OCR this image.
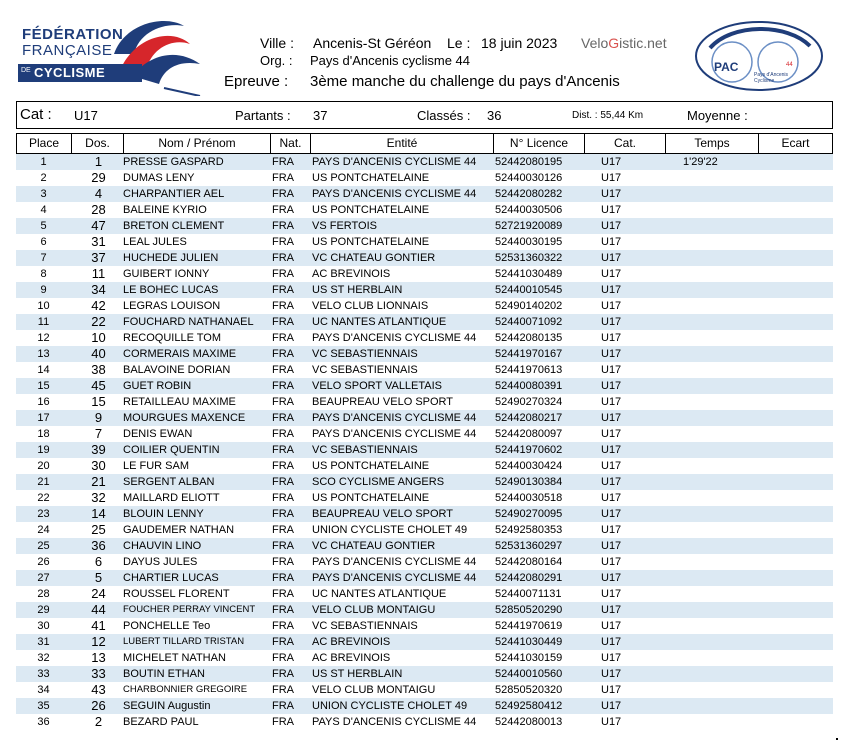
FÉDÉRATION
FRANÇAISE
DE CYCLISME
Ville : Ancenis-St Géréon Le : 18 juin 2023 VeloGistic.net
Org. : Pays d'Ancenis cyclisme 44
Epreuve : 3ème manche du challenge du pays d'Ancenis
PAC	44
Pays d'Ancenis Cyclisme
Cat : U17	Partants : 37	Classés : 36	Dist. : 55,44 Km	Moyenne :
Place	Dos.	Nom / Prénom	Nat.	Entité	N° Licence	Cat.	Temps	Ecart
1	1	PRESSE GASPARD	FRA PAYS D'ANCENIS CYCLISME 44	52442080195	U17	1'29'22
2	29	DUMAS LENY	FRA US PONTCHATELAINE	52440030126	U17
3	4	CHARPANTIER AEL	FRA PAYS D'ANCENIS CYCLISME 44	52442080282	U17
4	28	BALEINE KYRIO	FRA US PONTCHATELAINE	52440030506	U17
5	47	BRETON CLEMENT	FRA VS FERTOIS	52721920089	U17
6	31	LEAL JULES	FRA US PONTCHATELAINE	52440030195	U17
7	37	HUCHEDE JULIEN	FRA VC CHATEAU GONTIER	52531360322	U17
8	11	GUIBERT IONNY	FRA AC BREVINOIS	52441030489	U17
9	34	LE BOHEC LUCAS	FRA US ST HERBLAIN	52440010545	U17
10	42	LEGRAS LOUISON	FRA VELO CLUB LIONNAIS	52490140202	U17
11	22	FOUCHARD NATHANAEL	FRA UC NANTES ATLANTIQUE	52440071092	U17
12	10	RECOQUILLE TOM	FRA PAYS D'ANCENIS CYCLISME 44	52442080135	U17
13	40	CORMERAIS MAXIME	FRA VC SEBASTIENNAIS	52441970167	U17
14	38	BALAVOINE DORIAN	FRA VC SEBASTIENNAIS	52441970613	U17
15	45	GUET ROBIN	FRA VELO SPORT VALLETAIS	52440080391	U17
16	15	RETAILLEAU MAXIME	FRA BEAUPREAU VELO SPORT	52490270324	U17
17	9	MOURGUES MAXENCE	FRA PAYS D'ANCENIS CYCLISME 44	52442080217	U17
18	7	DENIS EWAN	FRA PAYS D'ANCENIS CYCLISME 44	52442080097	U17
19	39	COILIER QUENTIN	FRA VC SEBASTIENNAIS	52441970602	U17
20	30	LE FUR SAM	FRA US PONTCHATELAINE	52440030424	U17
21	21	SERGENT ALBAN	FRA SCO CYCLISME ANGERS	52490130384	U17
22	32	MAILLARD ELIOTT	FRA US PONTCHATELAINE	52440030518	U17
23	14	BLOUIN LENNY	FRA BEAUPREAU VELO SPORT	52490270095	U17
24	25	GAUDEMER NATHAN	FRA UNION CYCLISTE CHOLET 49	52492580353	U17
25	36	CHAUVIN LINO	FRA VC CHATEAU GONTIER	52531360297	U17
26	6	DAYUS JULES	FRA PAYS D'ANCENIS CYCLISME 44	52442080164	U17
27	5	CHARTIER LUCAS	FRA PAYS D'ANCENIS CYCLISME 44	52442080291	U17
28	24	ROUSSEL FLORENT	FRA UC NANTES ATLANTIQUE	52440071131	U17
29	44	FOUCHER PERRAY VINCENT	FRA VELO CLUB MONTAIGU	52850520290	U17
30	41	PONCHELLE Teo	FRA VC SEBASTIENNAIS	52441970619	U17
31	12	LUBERT TILLARD TRISTAN	FRA AC BREVINOIS	52441030449	U17
32	13	MICHELET NATHAN	FRA AC BREVINOIS	52441030159	U17
33	33	BOUTIN ETHAN	FRA US ST HERBLAIN	52440010560	U17
34	43	CHARBONNIER GREGOIRE	FRA VELO CLUB MONTAIGU	52850520320	U17
35	26	SEGUIN Augustin	FRA UNION CYCLISTE CHOLET 49	52492580412	U17
36	2	BEZARD PAUL	FRA PAYS D'ANCENIS CYCLISME 44	52442080013	U17
